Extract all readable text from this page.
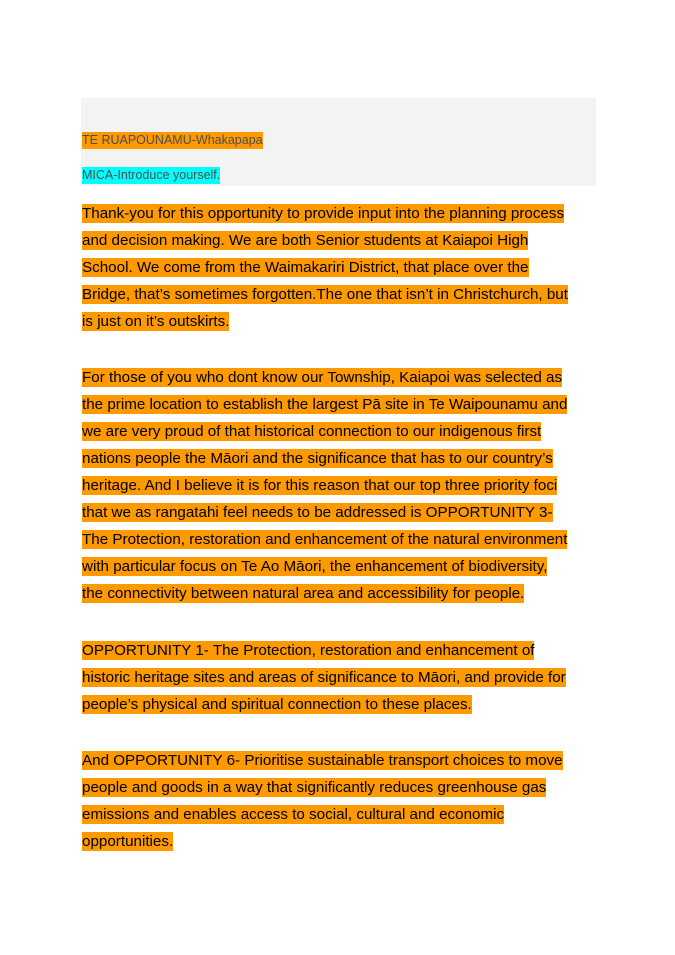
TE RUAPOUNAMU-Whakapapa
MICA-Introduce yourself.
Thank-you for this opportunity to provide input into the planning process
and decision making. We are both Senior students at Kaiapoi High
School. We come from the Waimakariri District, that place over the
Bridge, that’s sometimes forgotten.The one that isn’t in Christchurch, but
is just on it’s outskirts.
For those of you who dont know our Township, Kaiapoi was selected as
the prime location to establish the largest Pā site in Te Waipounamu and
we are very proud of that historical connection to our indigenous first
nations people the Māori and the significance that has to our country’s
heritage. And I believe it is for this reason that our top three priority foci
that we as rangatahi feel needs to be addressed is OPPORTUNITY 3-
The Protection, restoration and enhancement of the natural environment
with particular focus on Te Ao Māori, the enhancement of biodiversity,
the connectivity between natural area and accessibility for people.
OPPORTUNITY 1- The Protection, restoration and enhancement of
historic heritage sites and areas of significance to Māori, and provide for
people’s physical and spiritual connection to these places.
And OPPORTUNITY 6- Prioritise sustainable transport choices to move
people and goods in a way that significantly reduces greenhouse gas
emissions and enables access to social, cultural and economic
opportunities.
